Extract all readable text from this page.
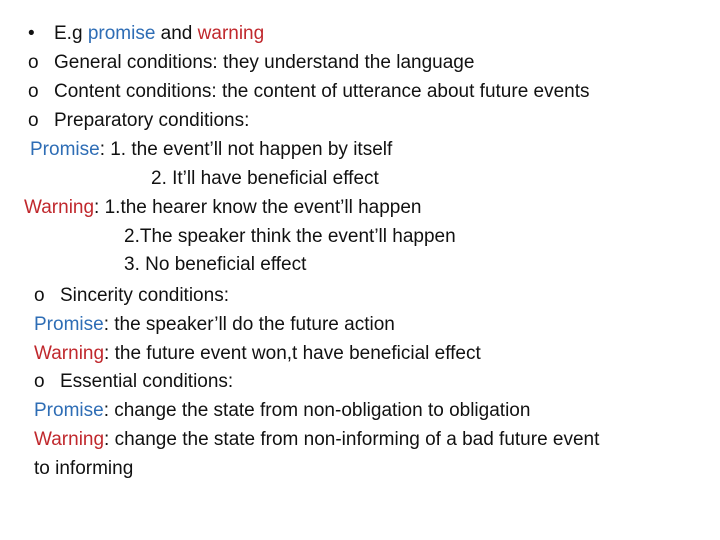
• E.g promise and warning
o General conditions: they understand the language
o Content conditions: the content of utterance about future events
o Preparatory conditions:
Promise: 1. the event’ll not happen by itself
2. It’ll have beneficial effect
Warning: 1.the hearer know the event’ll happen
2.The speaker think the event’ll happen
3. No beneficial effect
o Sincerity conditions:
Promise: the speaker’ll do the future action
Warning: the future event won,t have beneficial effect
o Essential conditions:
Promise: change the state from non-obligation to obligation
Warning: change the state from non-informing of a bad future event
to informing
